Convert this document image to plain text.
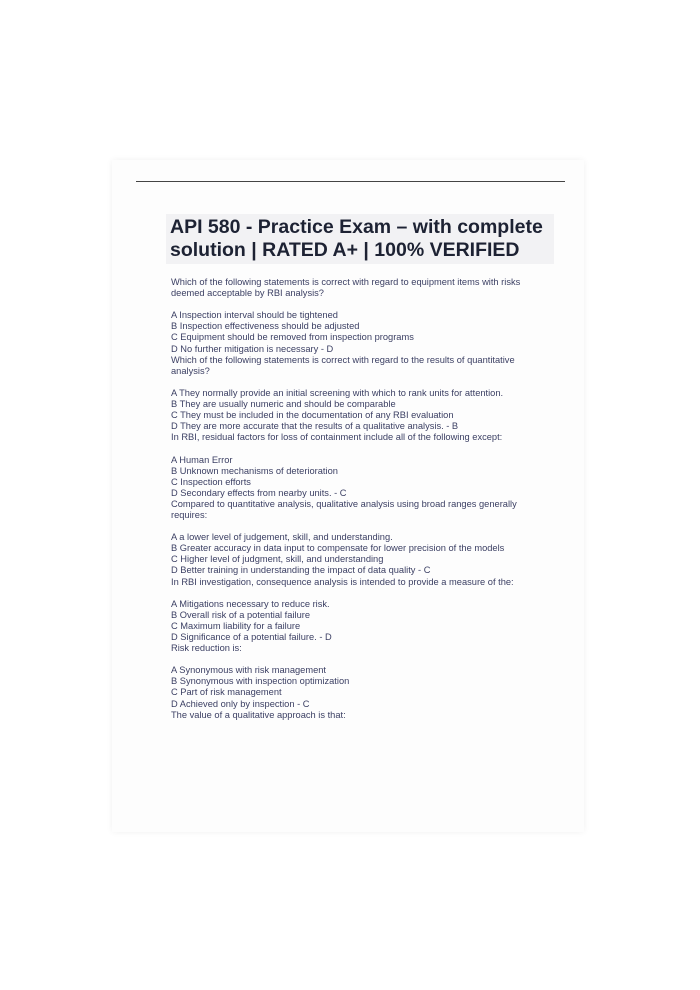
API 580 - Practice Exam – with complete
solution | RATED A+ | 100% VERIFIED
Which of the following statements is correct with regard to equipment items with risks
deemed acceptable by RBI analysis?
A Inspection interval should be tightened
B Inspection effectiveness should be adjusted
C Equipment should be removed from inspection programs
D No further mitigation is necessary - D
Which of the following statements is correct with regard to the results of quantitative
analysis?
A They normally provide an initial screening with which to rank units for attention.
B They are usually numeric and should be comparable
C They must be included in the documentation of any RBI evaluation
D They are more accurate that the results of a qualitative analysis. - B
In RBI, residual factors for loss of containment include all of the following except:
A Human Error
B Unknown mechanisms of deterioration
C Inspection efforts
D Secondary effects from nearby units. - C
Compared to quantitative analysis, qualitative analysis using broad ranges generally
requires:
A a lower level of judgement, skill, and understanding.
B Greater accuracy in data input to compensate for lower precision of the models
C Higher level of judgment, skill, and understanding
D Better training in understanding the impact of data quality - C
In RBI investigation, consequence analysis is intended to provide a measure of the:
A Mitigations necessary to reduce risk.
B Overall risk of a potential failure
C Maximum liability for a failure
D Significance of a potential failure. - D
Risk reduction is:
A Synonymous with risk management
B Synonymous with inspection optimization
C Part of risk management
D Achieved only by inspection - C
The value of a qualitative approach is that:
